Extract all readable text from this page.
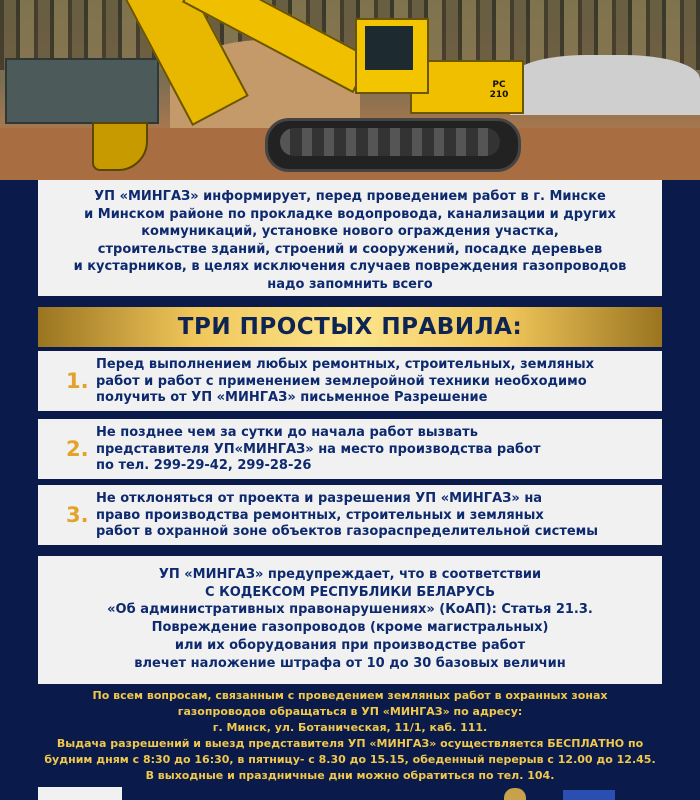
PC 210
УП «МИНГАЗ» информирует, перед проведением работ в г. Минске
и Минском районе по прокладке водопровода, канализации и других
коммуникаций, установке нового ограждения участка,
строительстве зданий, строений и сооружений, посадке деревьев
и кустарников, в целях исключения случаев повреждения газопроводов
надо запомнить всего
ТРИ ПРОСТЫХ ПРАВИЛА:
1.
Перед выполнением любых ремонтных, строительных, земляных
работ и работ с применением землеройной техники необходимо
получить от УП «МИНГАЗ» письменное Разрешение
2.
Не позднее чем за сутки до начала работ вызвать
представителя УП«МИНГАЗ» на место производства работ
по тел. 299-29-42, 299-28-26
3.
Не отклоняться от проекта и разрешения УП «МИНГАЗ» на
право производства ремонтных, строительных и земляных
работ в охранной зоне объектов газораспределительной системы
УП «МИНГАЗ» предупреждает, что в соответствии
С КОДЕКСОМ РЕСПУБЛИКИ БЕЛАРУСЬ
«Об административных правонарушениях» (КоАП): Статья 21.3.
Повреждение газопроводов (кроме магистральных)
или их оборудования при производстве работ
влечет наложение штрафа от 10 до 30 базовых величин
По всем вопросам, связанным с проведением земляных работ в охранных зонах
газопроводов обращаться в УП «МИНГАЗ» по адресу:
г. Минск, ул. Ботаническая, 11/1, каб. 111.
Выдача разрешений и выезд представителя УП «МИНГАЗ» осуществляется БЕСПЛАТНО по
будним дням с 8:30 до 16:30, в пятницу- с 8.30 до 15.15, обеденный перерыв с 12.00 до 12.45.
В выходные и праздничные дни можно обратиться по тел. 104.
